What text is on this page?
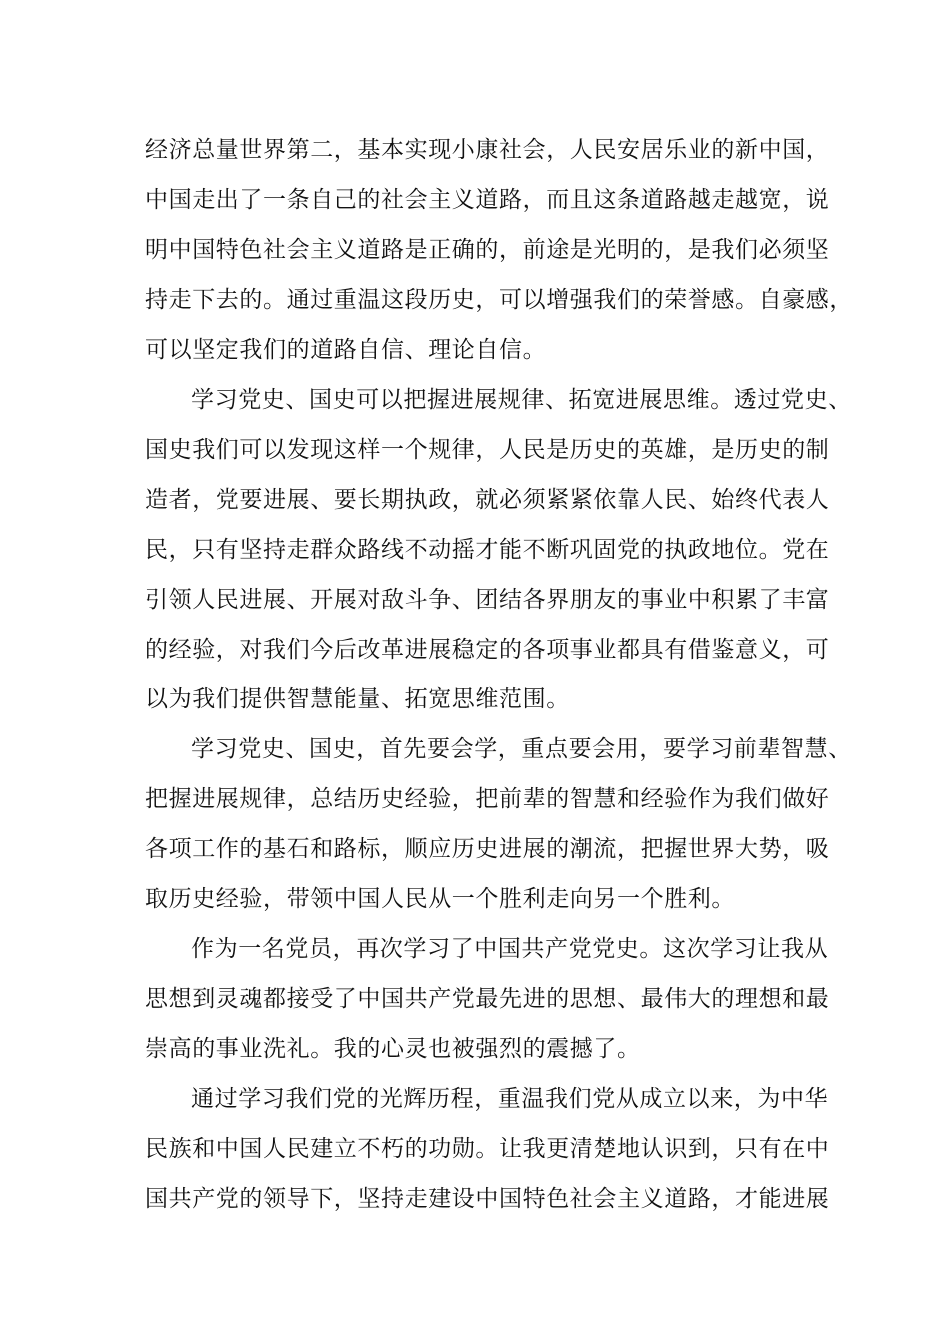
经济总量世界第二，基本实现小康社会，人民安居乐业的新中国，
中国走出了一条自己的社会主义道路，而且这条道路越走越宽，说
明中国特色社会主义道路是正确的，前途是光明的，是我们必须坚
持走下去的。通过重温这段历史，可以增强我们的荣誉感。自豪感，
可以坚定我们的道路自信、理论自信。
学习党史、国史可以把握进展规律、拓宽进展思维。透过党史、
国史我们可以发现这样一个规律，人民是历史的英雄，是历史的制
造者，党要进展、要长期执政，就必须紧紧依靠人民、始终代表人
民，只有坚持走群众路线不动摇才能不断巩固党的执政地位。党在
引领人民进展、开展对敌斗争、团结各界朋友的事业中积累了丰富
的经验，对我们今后改革进展稳定的各项事业都具有借鉴意义，可
以为我们提供智慧能量、拓宽思维范围。
学习党史、国史，首先要会学，重点要会用，要学习前辈智慧、
把握进展规律，总结历史经验，把前辈的智慧和经验作为我们做好
各项工作的基石和路标，顺应历史进展的潮流，把握世界大势，吸
取历史经验，带领中国人民从一个胜利走向另一个胜利。
作为一名党员，再次学习了中国共产党党史。这次学习让我从
思想到灵魂都接受了中国共产党最先进的思想、最伟大的理想和最
崇高的事业洗礼。我的心灵也被强烈的震撼了。
通过学习我们党的光辉历程，重温我们党从成立以来，为中华
民族和中国人民建立不朽的功勋。让我更清楚地认识到，只有在中
国共产党的领导下，坚持走建设中国特色社会主义道路，才能进展
